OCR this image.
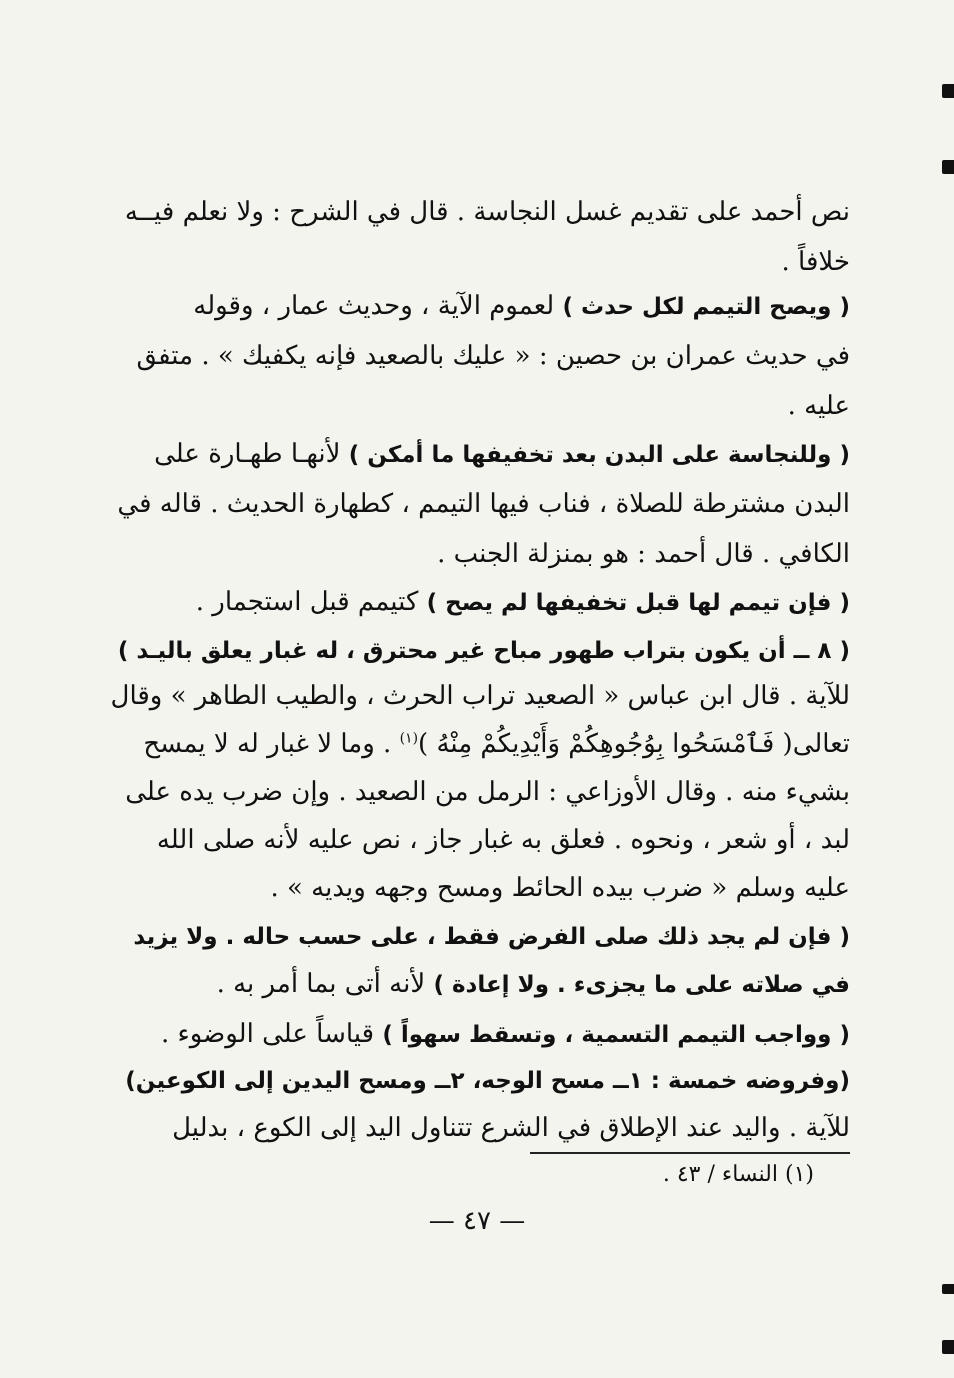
نص أحمد على تقديم غسل النجاسة . قال في الشرح : ولا نعلم فيــه
خلافاً .
( ويصح التيمم لكل حدث ) لعموم الآية ، وحديث عمار ، وقوله
في حديث عمران بن حصين : « عليك بالصعيد فإنه يكفيك » . متفق
عليه .
( وللنجاسة على البدن بعد تخفيفها ما أمكن ) لأنهـا طهـارة على
البدن مشترطة للصلاة ، فناب فيها التيمم ، كطهارة الحديث . قاله في
الكافي . قال أحمد : هو بمنزلة الجنب .
( فإن تيمم لها قبل تخفيفها لم يصح ) كتيمم قبل استجمار .
( ٨ ــ أن يكون بتراب طهور مباح غير محترق ، له غبار يعلق باليـد )
للآية . قال ابن عباس « الصعيد تراب الحرث ، والطيب الطاهر » وقال
تعالى( فَٱمْسَحُوا بِوُجُوهِكُمْ وَأَيْدِيكُمْ مِنْهُ )$^{(١)}$ . وما لا غبار له لا يمسح
بشيء منه . وقال الأوزاعي : الرمل من الصعيد . وإن ضرب يده على
لبد ، أو شعر ، ونحوه . فعلق به غبار جاز ، نص عليه لأنه صلى الله
عليه وسلم « ضرب بيده الحائط ومسح وجهه ويديه » .
( فإن لم يجد ذلك صلى الفرض فقط ، على حسب حاله . ولا يزيد
في صلاته على ما يجزىء . ولا إعادة ) لأنه أتى بما أمر به .
( وواجب التيمم التسمية ، وتسقط سهواً ) قياساً على الوضوء .
(وفروضه خمسة : ١ــ مسح الوجه، ٢ــ ومسح اليدين إلى الكوعين)
للآية . واليد عند الإطلاق في الشرع تتناول اليد إلى الكوع ، بدليل
(١) النساء / ٤٣ .
— ٤٧ —
